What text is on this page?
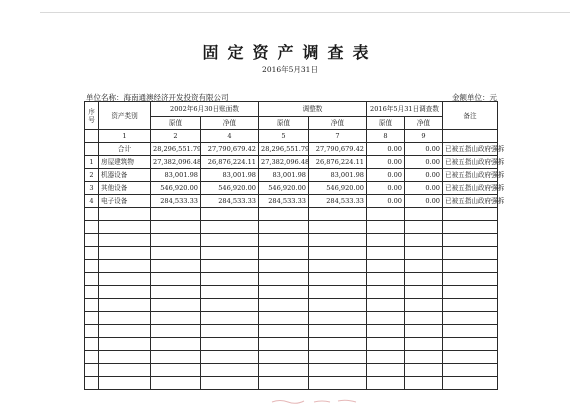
固定资产调查表
2016年5月31日
单位名称：海南通澳经济开发投资有限公司	金额单位：元
序号	资产类别	2002年6月30日账面数		调整数		2016年5月31日调查数		备注
		原值	净值	原值	净值	原值	净值	
	1	2	4	5	7	8	9	
	合计	28,296,551.79	27,790,679.42	28,296,551.79	27,790,679.42	0.00	0.00	已被五指山政府强拆
1	房屋建筑物	27,382,096.48	26,876,224.11	27,382,096.48	26,876,224.11	0.00	0.00	已被五指山政府强拆
2	机器设备	83,001.98	83,001.98	83,001.98	83,001.98	0.00	0.00	已被五指山政府强拆
3	其他设备	546,920.00	546,920.00	546,920.00	546,920.00	0.00	0.00	已被五指山政府强拆
4	电子设备	284,533.33	284,533.33	284,533.33	284,533.33	0.00	0.00	已被五指山政府强拆
